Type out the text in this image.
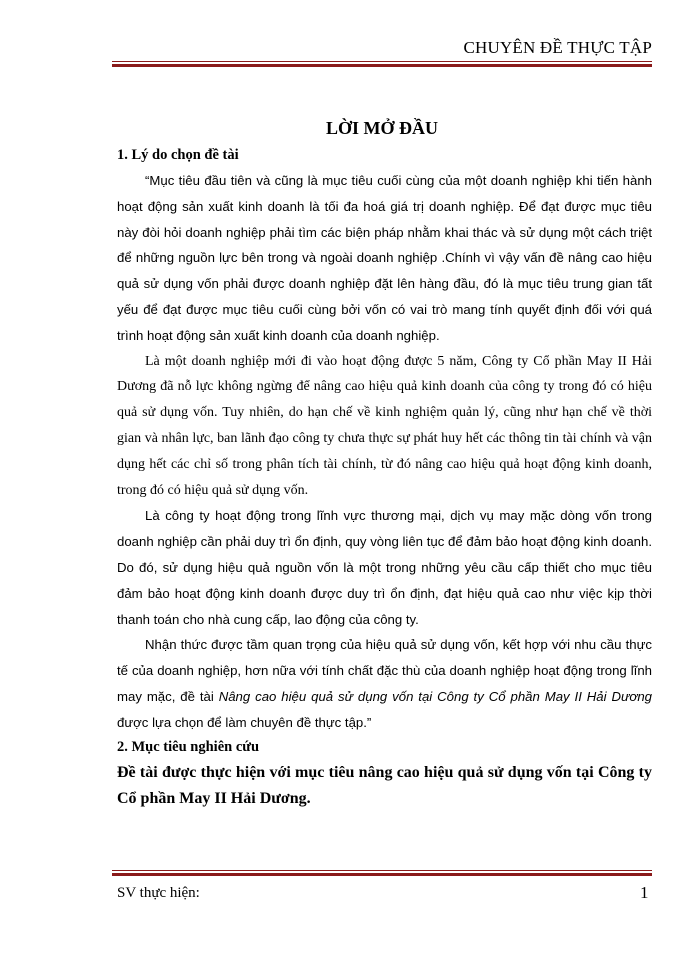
CHUYÊN ĐỀ THỰC TẬP
LỜI MỞ ĐẦU
1. Lý do chọn đề tài

“Mục tiêu đầu tiên và cũng là mục tiêu cuối cùng của một doanh nghiệp khi tiến hành hoạt động sản xuất kinh doanh là tối đa hoá giá trị doanh nghiệp. Để đạt được mục tiêu này đòi hỏi doanh nghiệp phải tìm các biện pháp nhằm khai thác và sử dụng một cách triệt để những nguồn lực bên trong và ngoài doanh nghiệp .Chính vì vậy vấn đề nâng cao hiệu quả sử dụng vốn phải được doanh nghiệp đặt lên hàng đầu, đó là mục tiêu trung gian tất yếu để đạt được mục tiêu cuối cùng bởi vốn có vai trò mang tính quyết định đối với quá trình hoạt động sản xuất kinh doanh của doanh nghiệp.

Là một doanh nghiệp mới đi vào hoạt động được 5 năm, Công ty Cổ phần May II Hải Dương đã nỗ lực không ngừng để nâng cao hiệu quả kinh doanh của công ty trong đó có hiệu quả sử dụng vốn. Tuy nhiên, do hạn chế về kinh nghiệm quản lý, cũng như hạn chế về thời gian và nhân lực, ban lãnh đạo công ty chưa thực sự phát huy hết các thông tin tài chính và vận dụng hết các chỉ số trong phân tích tài chính, từ đó nâng cao hiệu quả hoạt động kinh doanh, trong đó có hiệu quả sử dụng vốn.

Là công ty hoạt động trong lĩnh vực thương mại, dịch vụ may mặc dòng vốn trong doanh nghiệp cần phải duy trì ổn định, quy vòng liên tục để đảm bảo hoạt động kinh doanh. Do đó, sử dụng hiệu quả nguồn vốn là một trong những yêu cầu cấp thiết cho mục tiêu đảm bảo hoạt động kinh doanh được duy trì ổn định, đạt hiệu quả cao như việc kịp thời thanh toán cho nhà cung cấp, lao động của công ty.

Nhận thức được tầm quan trọng của hiệu quả sử dụng vốn, kết hợp với nhu cầu thực tế của doanh nghiệp, hơn nữa với tính chất đặc thù của doanh nghiệp hoạt động trong lĩnh may mặc, đề tài Nâng cao hiệu quả sử dụng vốn tại Công ty Cổ phần May II Hải Dương được lựa chọn để làm chuyên đề thực tập.”

2. Mục tiêu nghiên cứu
Đề tài được thực hiện với mục tiêu nâng cao hiệu quả sử dụng vốn tại Công ty Cổ phần May II Hải Dương.
SV thực hiện:	1
